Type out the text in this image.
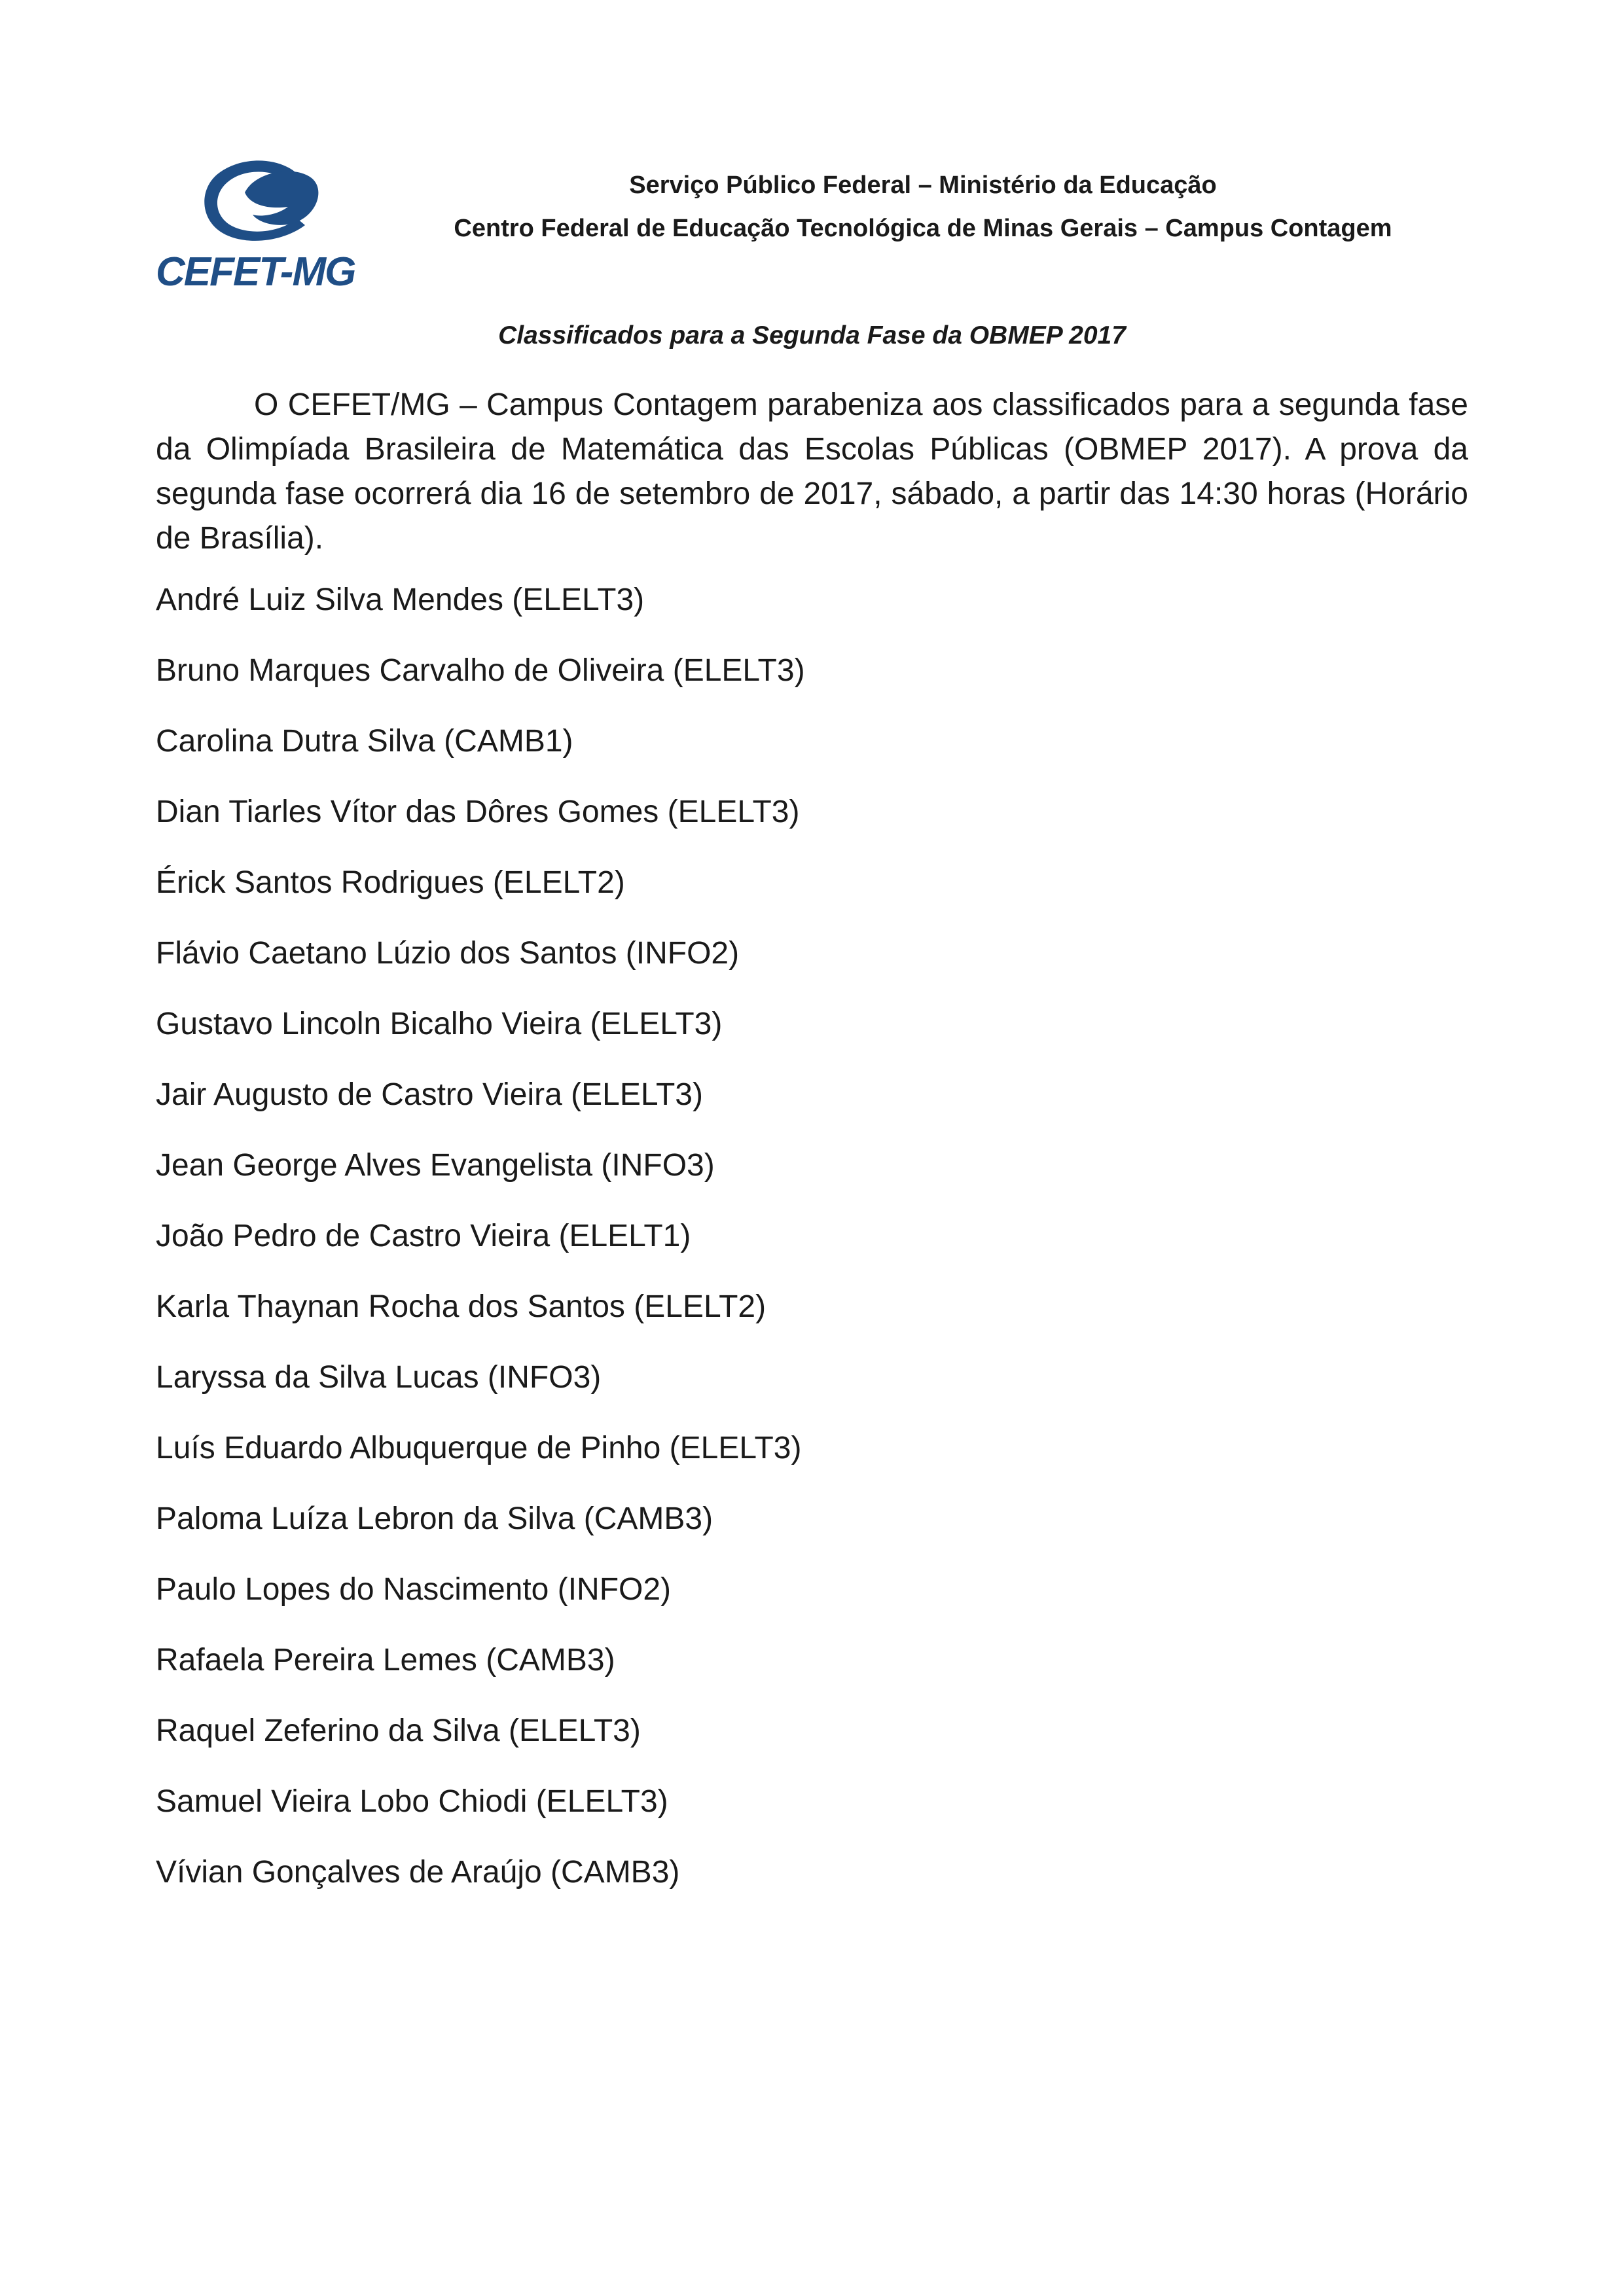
CEFET-MG
Serviço Público Federal – Ministério da Educação
Centro Federal de Educação Tecnológica de Minas Gerais – Campus Contagem
Classificados para a Segunda Fase da OBMEP 2017

O CEFET/MG – Campus Contagem parabeniza aos classificados para a segunda fase da Olimpíada Brasileira de Matemática das Escolas Públicas (OBMEP 2017). A prova da segunda fase ocorrerá dia 16 de setembro de 2017, sábado, a partir das 14:30 horas (Horário de Brasília).

André Luiz Silva Mendes (ELELT3)
Bruno Marques Carvalho de Oliveira (ELELT3)
Carolina Dutra Silva (CAMB1)
Dian Tiarles Vítor das Dôres Gomes (ELELT3)
Érick Santos Rodrigues (ELELT2)
Flávio Caetano Lúzio dos Santos (INFO2)
Gustavo Lincoln Bicalho Vieira (ELELT3)
Jair Augusto de Castro Vieira (ELELT3)
Jean George Alves Evangelista (INFO3)
João Pedro de Castro Vieira (ELELT1)
Karla Thaynan Rocha dos Santos (ELELT2)
Laryssa da Silva Lucas (INFO3)
Luís Eduardo Albuquerque de Pinho (ELELT3)
Paloma Luíza Lebron da Silva (CAMB3)
Paulo Lopes do Nascimento (INFO2)
Rafaela Pereira Lemes (CAMB3)
Raquel Zeferino da Silva (ELELT3)
Samuel Vieira Lobo Chiodi (ELELT3)
Vívian Gonçalves de Araújo (CAMB3)
